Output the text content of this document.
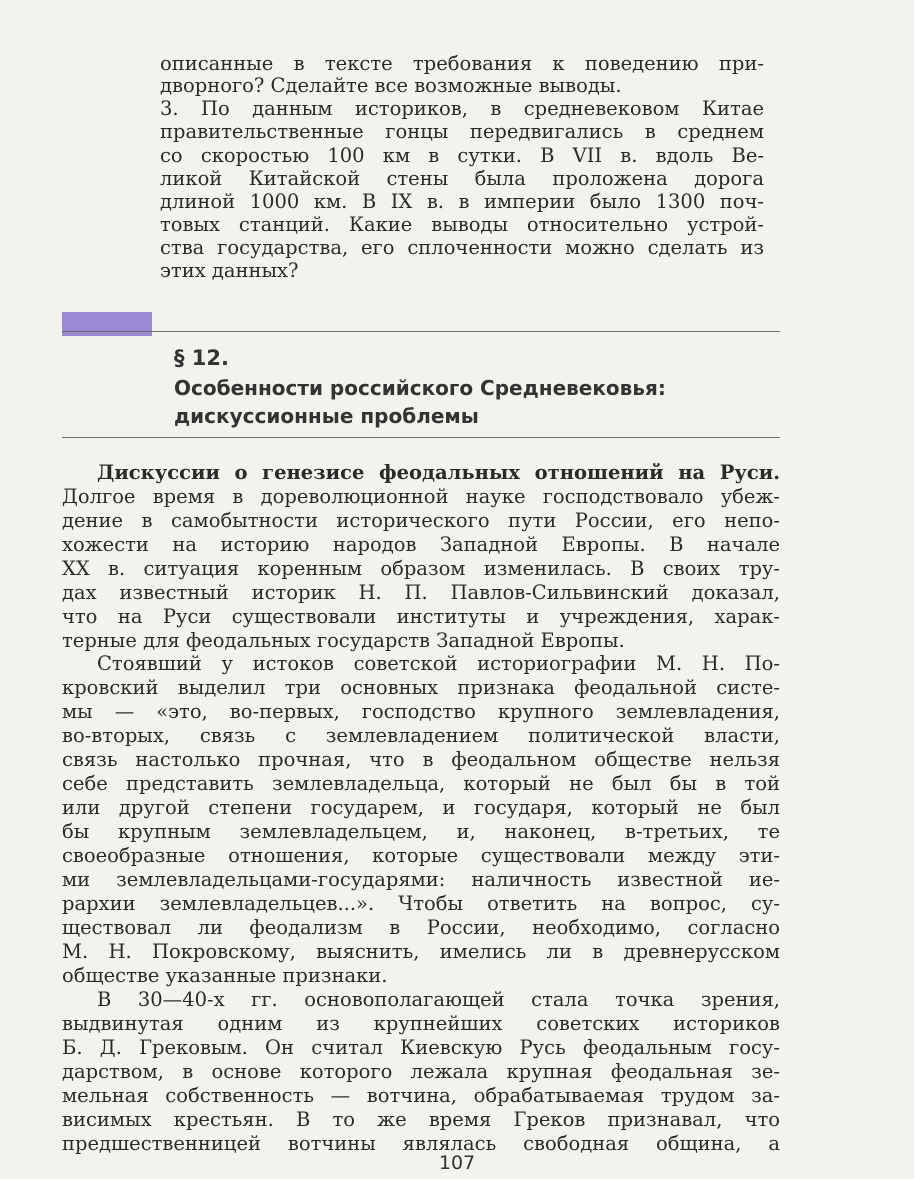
описанные в тексте требования к поведению при-
дворного? Сделайте все возможные выводы.
3. По данным историков, в средневековом Китае
правительственные гонцы передвигались в среднем
со скоростью 100 км в сутки. В VII в. вдоль Ве-
ликой Китайской стены была проложена дорога
длиной 1000 км. В IX в. в империи было 1300 поч-
товых станций. Какие выводы относительно устрой-
ства государства, его сплоченности можно сделать из
этих данных?
§ 12.
Особенности российского Средневековья:
дискуссионные проблемы
Дискуссии о генезисе феодальных отношений на Руси.
Долгое время в дореволюционной науке господствовало убеж-
дение в самобытности исторического пути России, его непо-
хожести на историю народов Западной Европы. В начале
XX в. ситуация коренным образом изменилась. В своих тру-
дах известный историк Н. П. Павлов-Сильвинский доказал,
что на Руси существовали институты и учреждения, харак-
терные для феодальных государств Западной Европы.
Стоявший у истоков советской историографии М. Н. По-
кровский выделил три основных признака феодальной систе-
мы — «это, во-первых, господство крупного землевладения,
во-вторых, связь с землевладением политической власти,
связь настолько прочная, что в феодальном обществе нельзя
себе представить землевладельца, который не был бы в той
или другой степени государем, и государя, который не был
бы крупным землевладельцем, и, наконец, в-третьих, те
своеобразные отношения, которые существовали между эти-
ми землевладельцами-государями: наличность известной ие-
рархии землевладельцев...». Чтобы ответить на вопрос, су-
ществовал ли феодализм в России, необходимо, согласно
М. Н. Покровскому, выяснить, имелись ли в древнерусском
обществе указанные признаки.
В 30—40-х гг. основополагающей стала точка зрения,
выдвинутая одним из крупнейших советских историков
Б. Д. Грековым. Он считал Киевскую Русь феодальным госу-
дарством, в основе которого лежала крупная феодальная зе-
мельная собственность — вотчина, обрабатываемая трудом за-
висимых крестьян. В то же время Греков признавал, что
предшественницей вотчины являлась свободная община, а
107
